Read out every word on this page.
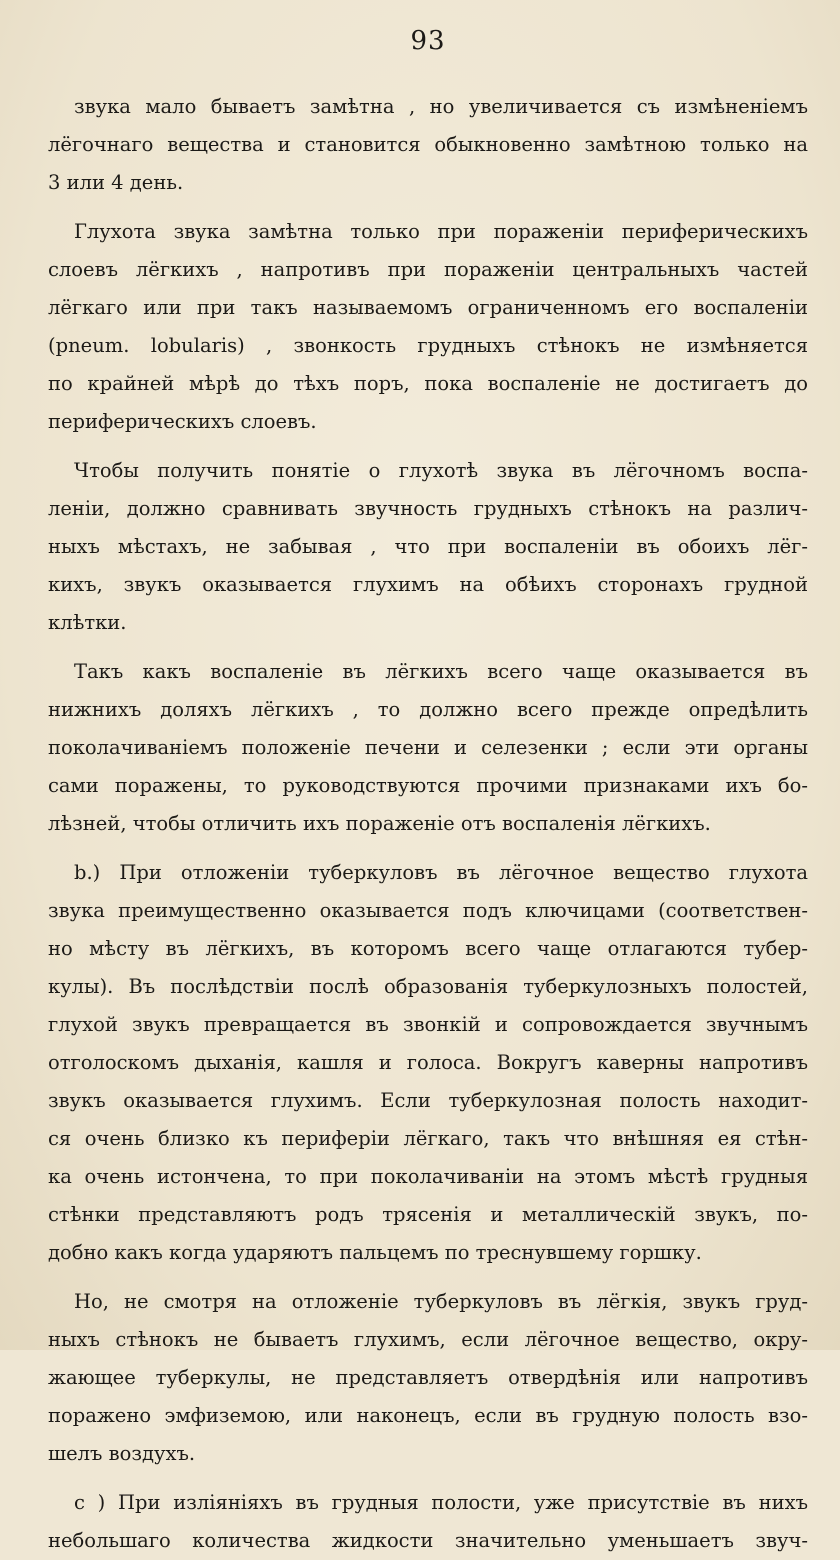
93
звука мало бываетъ замѣтна , но увеличивается съ измѣненіемъ
лёгочнаго вещества и становится обыкновенно замѣтною только на
3 или 4 день.
Глухота звука замѣтна только при пораженіи периферическихъ
слоевъ лёгкихъ , напротивъ при пораженіи центральныхъ частей
лёгкаго или при такъ называемомъ ограниченномъ его воспаленіи
(pneum. lobularis) , звонкость грудныхъ стѣнокъ не измѣняется
по крайней мѣрѣ до тѣхъ поръ, пока воспаленіе не достигаетъ до
периферическихъ слоевъ.
Чтобы получить понятіе о глухотѣ звука въ лёгочномъ воспа-
леніи, должно сравнивать звучность грудныхъ стѣнокъ на различ-
ныхъ мѣстахъ, не забывая , что при воспаленіи въ обоихъ лёг-
кихъ, звукъ оказывается глухимъ на обѣихъ сторонахъ грудной
клѣтки.
Такъ какъ воспаленіе въ лёгкихъ всего чаще оказывается въ
нижнихъ доляхъ лёгкихъ , то должно всего прежде опредѣлить
поколачиваніемъ положеніе печени и селезенки ; если эти органы
сами поражены, то руководствуются прочими признаками ихъ бо-
лѣзней, чтобы отличить ихъ пораженіе отъ воспаленія лёгкихъ.
b.) При отложеніи туберкуловъ въ лёгочное вещество глухота
звука преимущественно оказывается подъ ключицами (соответствен-
но мѣсту въ лёгкихъ, въ которомъ всего чаще отлагаются тубер-
кулы). Въ послѣдствіи послѣ образованія туберкулозныхъ полостей,
глухой звукъ превращается въ звонкій и сопровождается звучнымъ
отголоскомъ дыханія, кашля и голоса. Вокругъ каверны напротивъ
звукъ оказывается глухимъ. Если туберкулозная полость находит-
ся очень близко къ периферіи лёгкаго, такъ что внѣшняя ея стѣн-
ка очень истончена, то при поколачиваніи на этомъ мѣстѣ грудныя
стѣнки представляютъ родъ трясенія и металлическій звукъ, по-
добно какъ когда ударяютъ пальцемъ по треснувшему горшку.
Но, не смотря на отложеніе туберкуловъ въ лёгкія, звукъ груд-
ныхъ стѣнокъ не бываетъ глухимъ, если лёгочное вещество, окру-
жающее туберкулы, не представляетъ отвердѣнія или напротивъ
поражено эмфиземою, или наконецъ, если въ грудную полость взо-
шелъ воздухъ.
c ) При изліяніяхъ въ грудныя полости, уже присутствіе въ нихъ
небольшаго количества жидкости значительно уменьшаетъ звуч-
